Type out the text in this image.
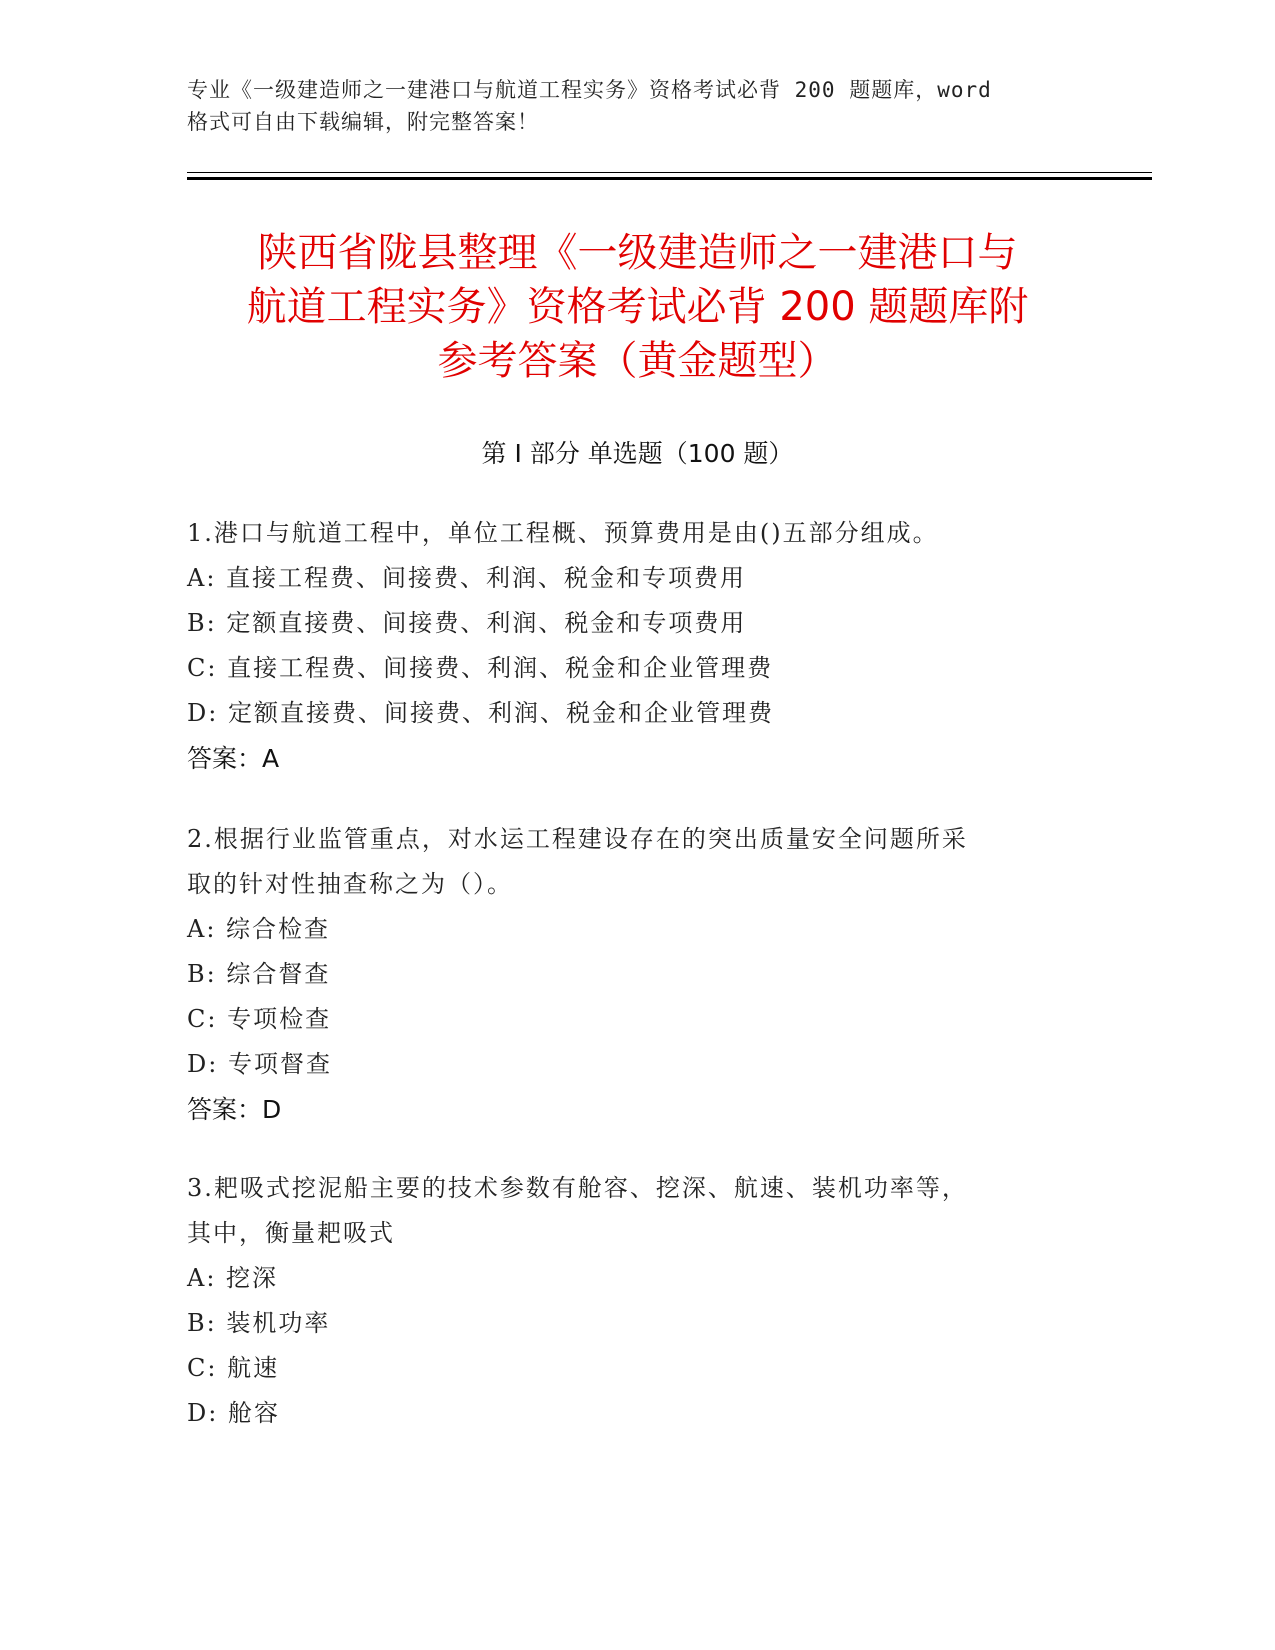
专业《一级建造师之一建港口与航道工程实务》资格考试必背 200 题题库，word
格式可自由下载编辑，附完整答案！
陕西省陇县整理《一级建造师之一建港口与
航道工程实务》资格考试必背 200 题题库附
参考答案（黄金题型）
第 I 部分 单选题（100 题）

1.港口与航道工程中，单位工程概、预算费用是由()五部分组成。

A: 直接工程费、间接费、利润、税金和专项费用

B: 定额直接费、间接费、利润、税金和专项费用

C: 直接工程费、间接费、利润、税金和企业管理费

D: 定额直接费、间接费、利润、税金和企业管理费

答案：A

2.根据行业监管重点，对水运工程建设存在的突出质量安全问题所采

取的针对性抽查称之为（）。

A: 综合检查

B: 综合督查

C: 专项检查

D: 专项督查

答案：D

3.耙吸式挖泥船主要的技术参数有舱容、挖深、航速、装机功率等，

其中，衡量耙吸式

A: 挖深

B: 装机功率

C: 航速

D: 舱容
